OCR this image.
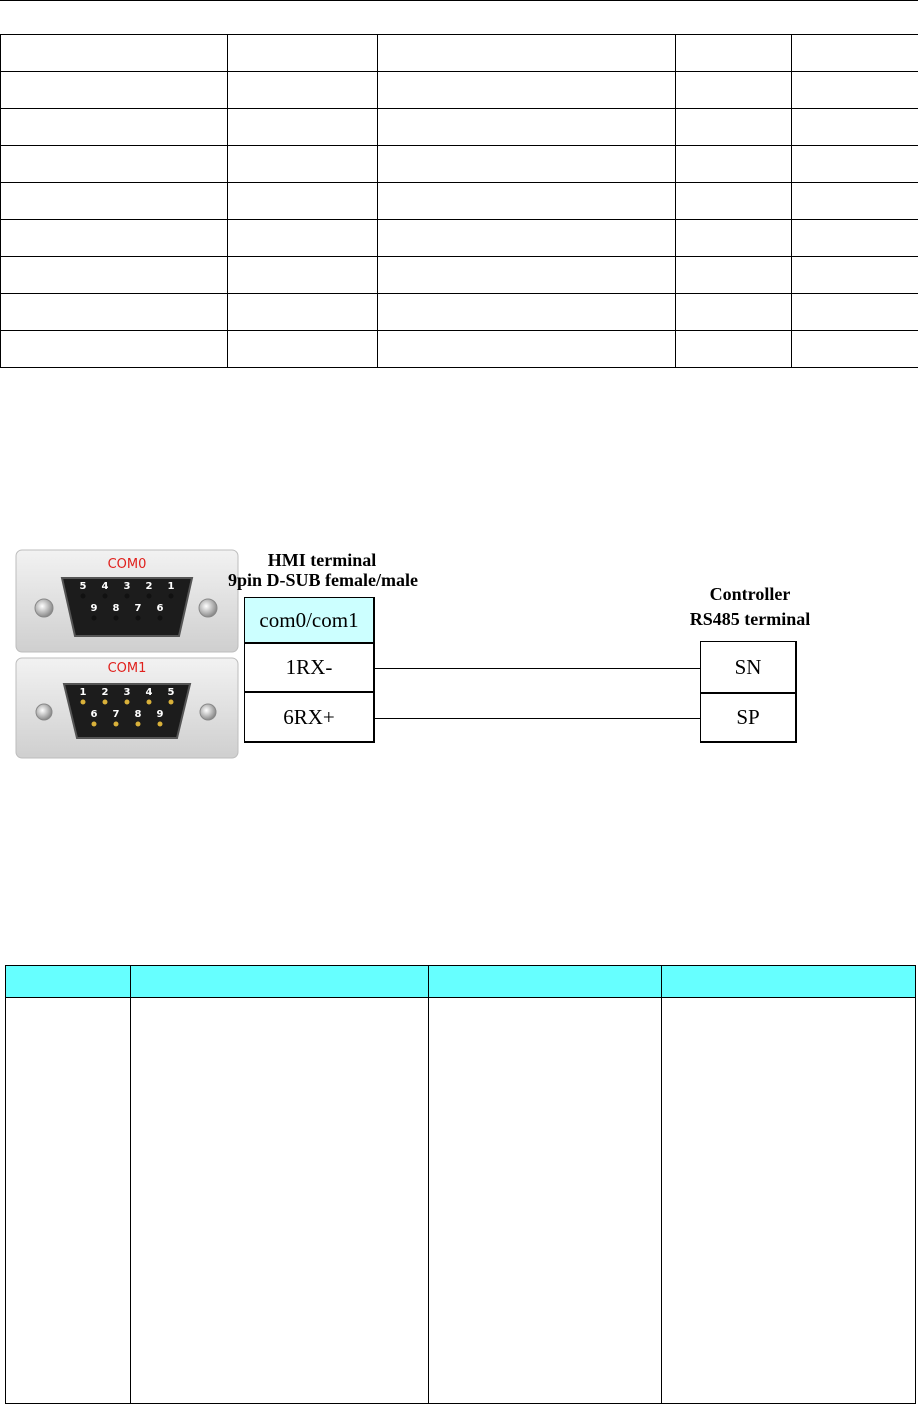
5 4 3 2 1
9 8 7 6
COM0
1 2 3 4 5
6 7 8 9
COM1
HMI terminal
9pin D-SUB female/male
Controller
RS485 terminal
com0/com1
1RX-
6RX+
SN
SP
